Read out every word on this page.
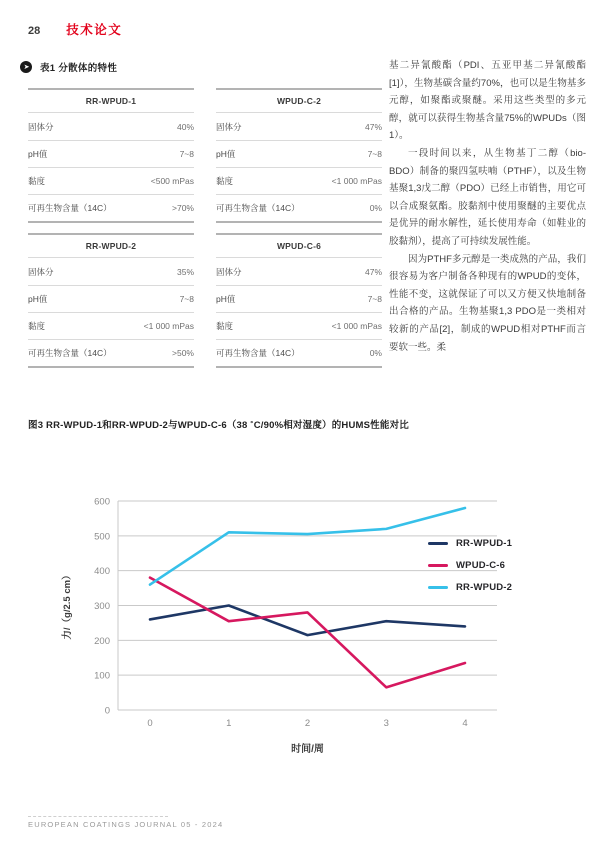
28 技术论文
➤ 表1 分散体的特性
RR-WPUD-1
固体分	40%
pH值	7~8
黏度	<500 mPas
可再生物含量（14C）	>70%
WPUD-C-2
固体分	47%
pH值	7~8
黏度	<1 000 mPas
可再生物含量（14C）	0%
RR-WPUD-2
固体分	35%
pH值	7~8
黏度	<1 000 mPas
可再生物含量（14C）	>50%
WPUD-C-6
固体分	47%
pH值	7~8
黏度	<1 000 mPas
可再生物含量（14C）	0%

基二异氰酸酯（PDI、五亚甲基二异氰酸酯[1]），生物基碳含量约70%，也可以是生物基多元醇，如聚酯或聚醚。采用这些类型的多元醇，就可以获得生物基含量75%的WPUDs（图1）。

一段时间以来，从生物基丁二醇（bio-BDO）制备的聚四氢呋喃（PTHF），以及生物基聚1,3戊二醇（PDO）已经上市销售，用它可以合成聚氨酯。胶黏剂中使用聚醚的主要优点是优异的耐水解性，延长使用寿命（如鞋业的胶黏剂），提高了可持续发展性能。

因为PTHF多元醇是一类成熟的产品，我们很容易为客户制备各种现有的WPUD的变体，性能不变，这就保证了可以又方便又快地制备出合格的产品。生物基聚1,3 PDO是一类相对较新的产品[2]，制成的WPUD相对PTHF而言要软一些。柔

图3 RR-WPUD-1和RR-WPUD-2与WPUD-C-6（38 ˚C/90%相对湿度）的HUMS性能对比
0
100
200
300
400
500
600
0	1	2	3	4
力/（g/2.5 cm）
时间/周
RR-WPUD-1
WPUD-C-6
RR-WPUD-2
EUROPEAN COATINGS JOURNAL 05 - 2024
